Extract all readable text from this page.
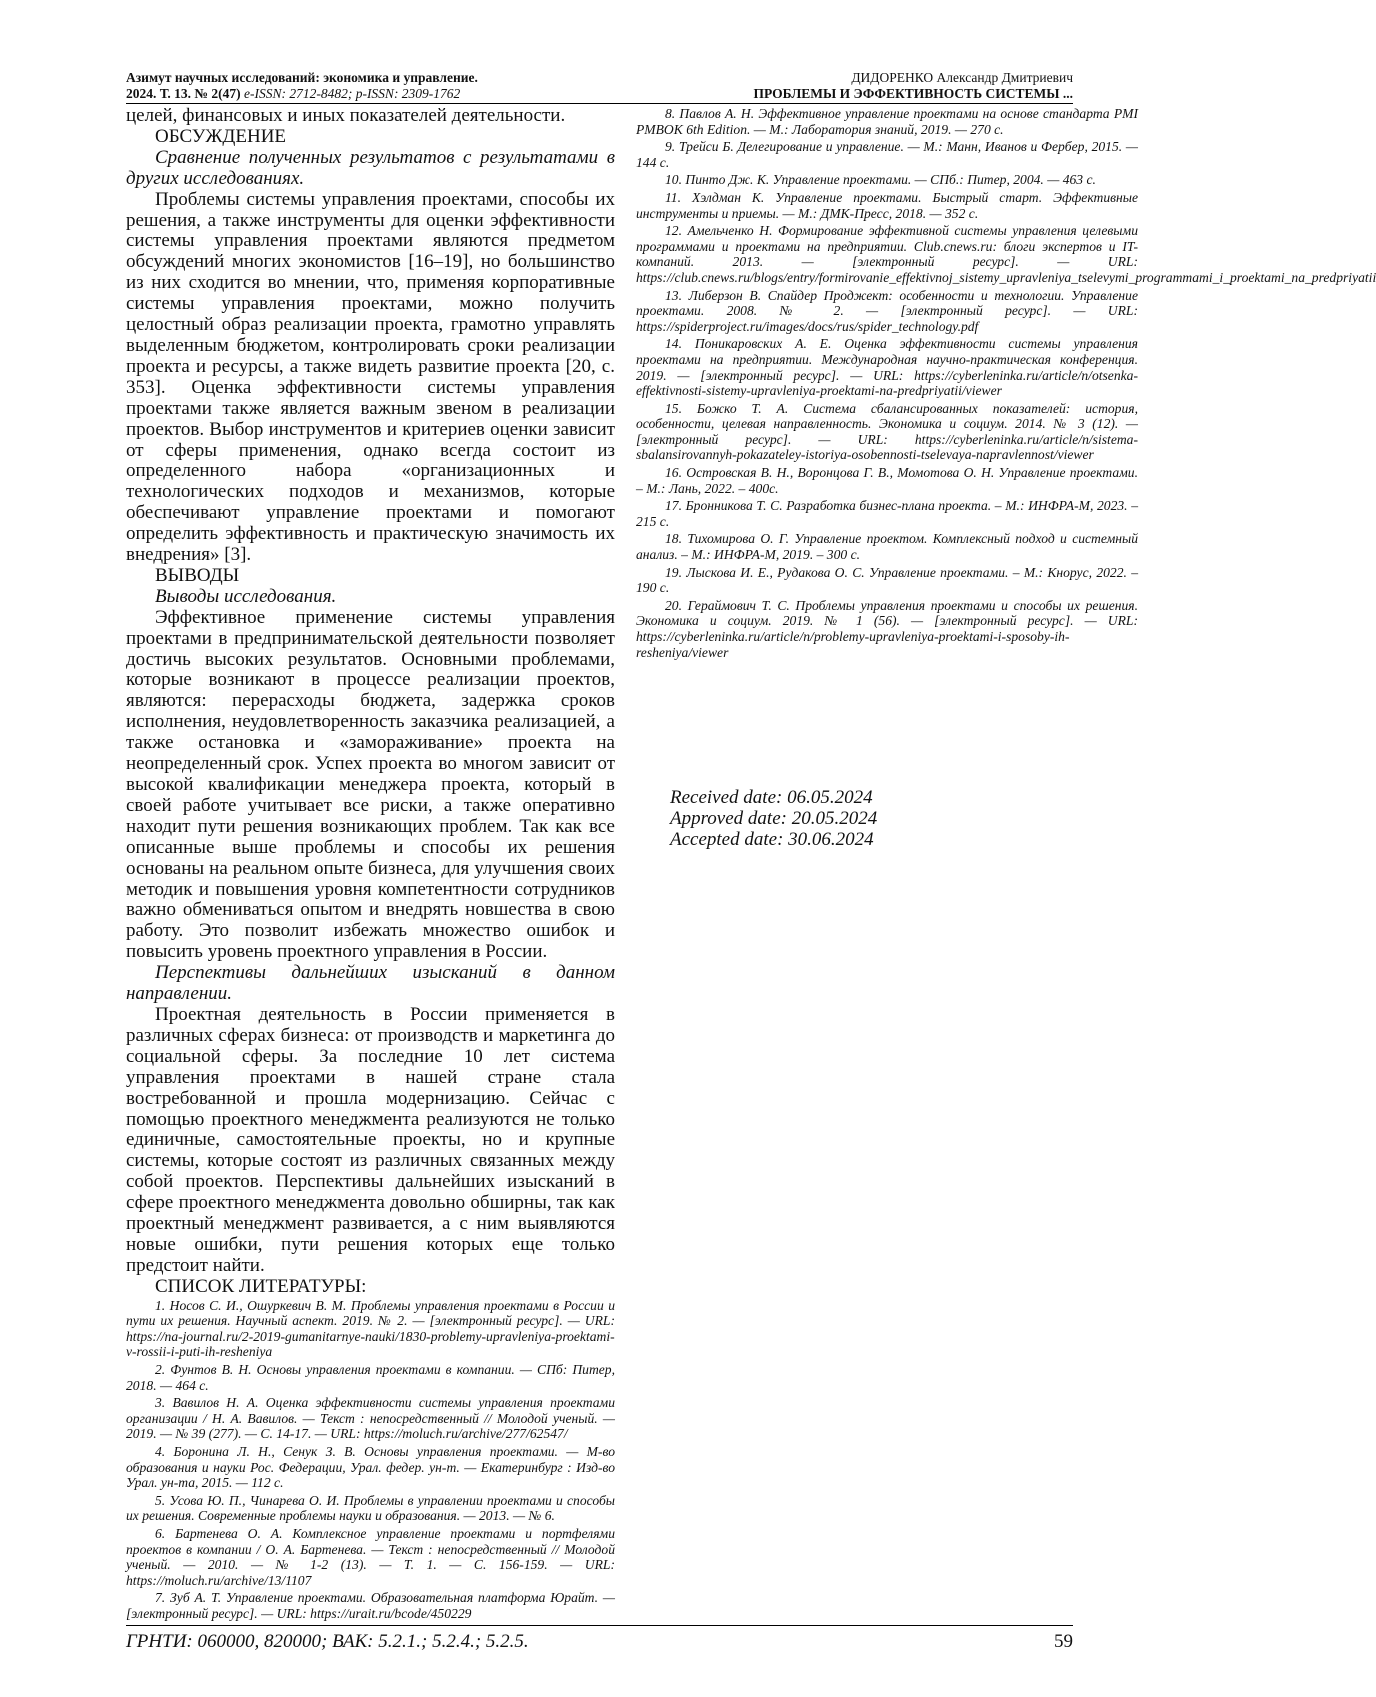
Азимут научных исследований: экономика и управление.
2024. Т. 13. № 2(47) e-ISSN: 2712-8482; p-ISSN: 2309-1762
ДИДОРЕНКО Александр Дмитриевич
ПРОБЛЕМЫ И ЭФФЕКТИВНОСТЬ СИСТЕМЫ ...

целей, финансовых и иных показателей деятельности.

ОБСУЖДЕНИЕ

Сравнение полученных результатов с результатами в других исследованиях.

Проблемы системы управления проектами, способы их решения, а также инструменты для оценки эффективности системы управления проектами являются предметом обсуждений многих экономистов [16–19], но большинство из них сходится во мнении, что, применяя корпоративные системы управления проектами, можно получить целостный образ реализации проекта, грамотно управлять выделенным бюджетом, контролировать сроки реализации проекта и ресурсы, а также видеть развитие проекта [20, с. 353]. Оценка эффективности системы управления проектами также является важным звеном в реализации проектов. Выбор инструментов и критериев оценки зависит от сферы применения, однако всегда состоит из определенного набора «организационных и технологических подходов и механизмов, которые обеспечивают управление проектами и помогают определить эффективность и практическую значимость их внедрения» [3].

ВЫВОДЫ

Выводы исследования.

Эффективное применение системы управления проектами в предпринимательской деятельности позволяет достичь высоких результатов. Основными проблемами, которые возникают в процессе реализации проектов, являются: перерасходы бюджета, задержка сроков исполнения, неудовлетворенность заказчика реализацией, а также остановка и «замораживание» проекта на неопределенный срок. Успех проекта во многом зависит от высокой квалификации менеджера проекта, который в своей работе учитывает все риски, а также оперативно находит пути решения возникающих проблем. Так как все описанные выше проблемы и способы их решения основаны на реальном опыте бизнеса, для улучшения своих методик и повышения уровня компетентности сотрудников важно обмениваться опытом и внедрять новшества в свою работу. Это позволит избежать множество ошибок и повысить уровень проектного управления в России.

Перспективы дальнейших изысканий в данном направлении.

Проектная деятельность в России применяется в различных сферах бизнеса: от производств и маркетинга до социальной сферы. За последние 10 лет система управления проектами в нашей стране стала востребованной и прошла модернизацию. Сейчас с помощью проектного менеджмента реализуются не только единичные, самостоятельные проекты, но и крупные системы, которые состоят из различных связанных между собой проектов. Перспективы дальнейших изысканий в сфере проектного менеджмента довольно обширны, так как проектный менеджмент развивается, а с ним выявляются новые ошибки, пути решения которых еще только предстоит найти.

СПИСОК ЛИТЕРАТУРЫ:

1. Носов С. И., Ошуркевич В. М. Проблемы управления проектами в России и пути их решения. Научный аспект. 2019. № 2. — [электронный ресурс]. — URL: https://na-journal.ru/2-2019-gumanitarnye-nauki/1830-problemy-upravleniya-proektami-v-rossii-i-puti-ih-resheniya

2. Фунтов В. Н. Основы управления проектами в компании. — СПб: Питер, 2018. — 464 с.

3. Вавилов Н. А. Оценка эффективности системы управления проектами организации / Н. А. Вавилов. — Текст : непосредственный // Молодой ученый. — 2019. — № 39 (277). — С. 14-17. — URL: https://moluch.ru/archive/277/62547/

4. Боронина Л. Н., Сенук З. В. Основы управления проектами. — М-во образования и науки Рос. Федерации, Урал. федер. ун-т. — Екатеринбург : Изд-во Урал. ун-та, 2015. — 112 с.

5. Усова Ю. П., Чинарева О. И. Проблемы в управлении проектами и способы их решения. Современные проблемы науки и образования. — 2013. — № 6.

6. Бартенева О. А. Комплексное управление проектами и портфелями проектов в компании / О. А. Бартенева. — Текст : непосредственный // Молодой ученый. — 2010. — № 1-2 (13). — Т. 1. — С. 156-159. — URL: https://moluch.ru/archive/13/1107

7. Зуб А. Т. Управление проектами. Образовательная платформа Юрайт. — [электронный ресурс]. — URL: https://urait.ru/bcode/450229

8. Павлов А. Н. Эффективное управление проектами на основе стандарта PMI PMBOK 6th Edition. — М.: Лаборатория знаний, 2019. — 270 с.

9. Трейси Б. Делегирование и управление. — М.: Манн, Иванов и Фербер, 2015. — 144 с.

10. Пинто Дж. К. Управление проектами. — СПб.: Питер, 2004. — 463 с.

11. Хэлдман К. Управление проектами. Быстрый старт. Эффективные инструменты и приемы. — М.: ДМК-Пресс, 2018. — 352 с.

12. Амельченко Н. Формирование эффективной системы управления целевыми программами и проектами на предприятии. Club.cnews.ru: блоги экспертов и IT-компаний. 2013. — [электронный ресурс]. — URL: https://club.cnews.ru/blogs/entry/formirovanie_effektivnoj_sistemy_upravleniya_tselevymi_programmami_i_proektami_na_predpriyatii

13. Либерзон В. Спайдер Проджект: особенности и технологии. Управление проектами. 2008. № 2. — [электронный ресурс]. — URL: https://spiderproject.ru/images/docs/rus/spider_technology.pdf

14. Поникаровских А. Е. Оценка эффективности системы управления проектами на предприятии. Международная научно-практическая конференция. 2019. — [электронный ресурс]. — URL: https://cyberleninka.ru/article/n/otsenka-effektivnosti-sistemy-upravleniya-proektami-na-predpriyatii/viewer

15. Божко Т. А. Система сбалансированных показателей: история, особенности, целевая направленность. Экономика и социум. 2014. № 3 (12). — [электронный ресурс]. — URL: https://cyberleninka.ru/article/n/sistema-sbalansirovannyh-pokazateley-istoriya-osobennosti-tselevaya-napravlennost/viewer

16. Островская В. Н., Воронцова Г. В., Момотова О. Н. Управление проектами. – М.: Лань, 2022. – 400с.

17. Бронникова Т. С. Разработка бизнес-плана проекта. – М.: ИНФРА-М, 2023. – 215 с.

18. Тихомирова О. Г. Управление проектом. Комплексный подход и системный анализ. – М.: ИНФРА-М, 2019. – 300 с.

19. Лыскова И. Е., Рудакова О. С. Управление проектами. – М.: Кнорус, 2022. – 190 с.

20. Гераймович Т. С. Проблемы управления проектами и способы их решения. Экономика и социум. 2019. № 1 (56). — [электронный ресурс]. — URL: https://cyberleninka.ru/article/n/problemy-upravleniya-proektami-i-sposoby-ih-resheniya/viewer

Received date: 06.05.2024
Approved date: 20.05.2024
Accepted date: 30.06.2024
ГРНТИ: 060000, 820000; ВАК: 5.2.1.; 5.2.4.; 5.2.5.	59
